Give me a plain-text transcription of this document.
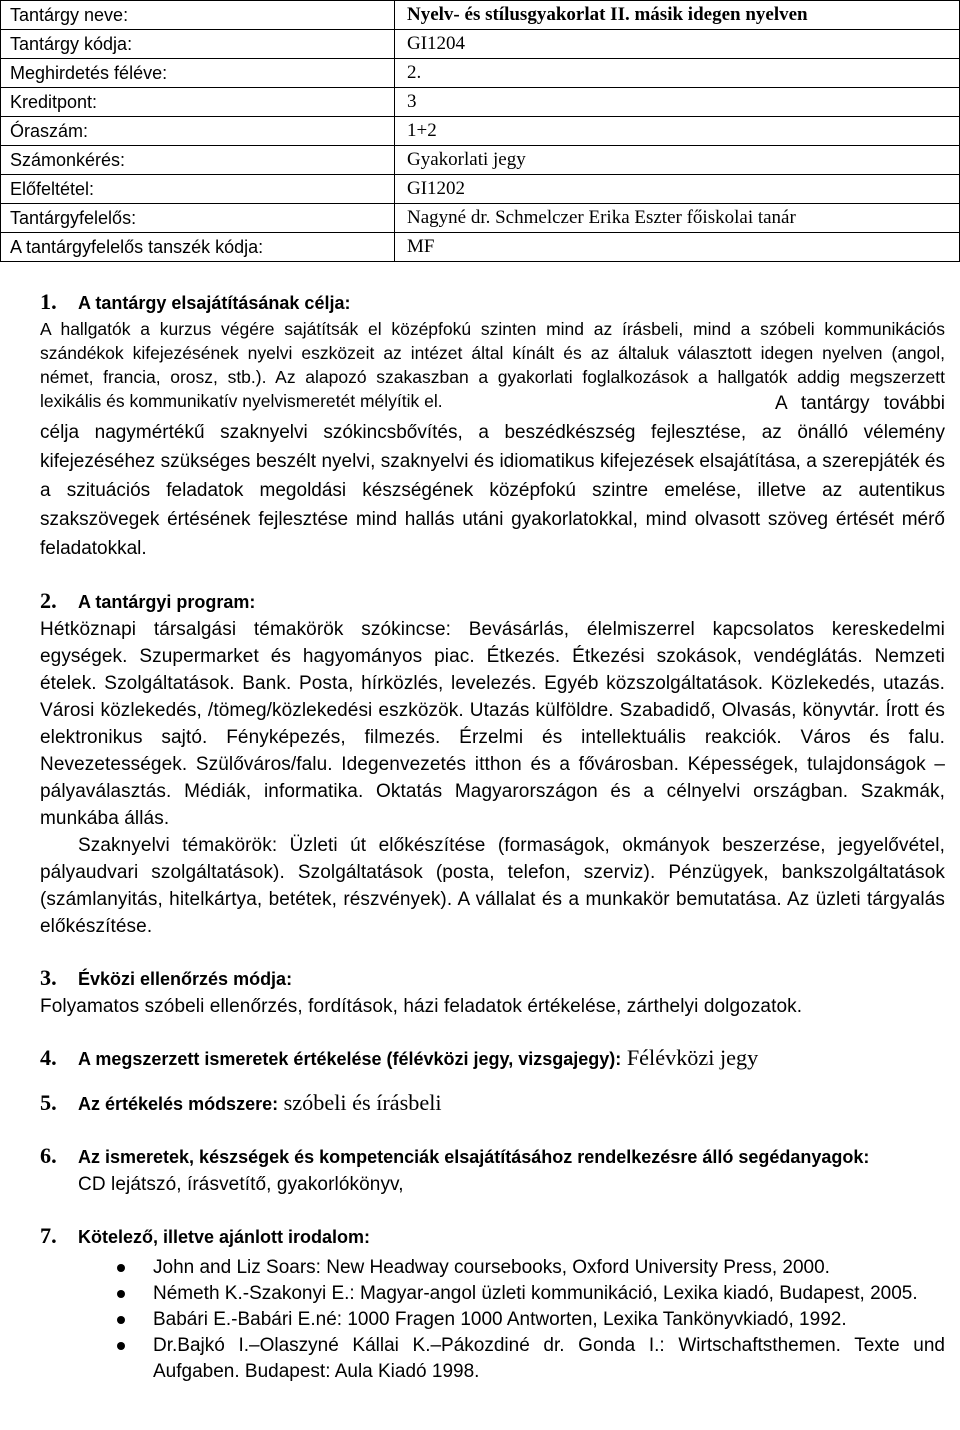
Tantárgy neve:	Nyelv- és stílusgyakorlat II. másik idegen nyelven
Tantárgy kódja:	GI1204
Meghirdetés féléve:	2.
Kreditpont:	3
Óraszám:	1+2
Számonkérés:	Gyakorlati jegy
Előfeltétel:	GI1202
Tantárgyfelelős:	Nagyné dr. Schmelczer Erika Eszter főiskolai tanár
A tantárgyfelelős tanszék kódja:	MF
1. A tantárgy elsajátításának célja:

A hallgatók a kurzus végére sajátítsák el középfokú szinten mind az írásbeli, mind a szóbeli kommunikációs szándékok kifejezésének nyelvi eszközeit az intézet által kínált és az általuk választott idegen nyelven (angol, német, francia, orosz, stb.). Az alapozó szakaszban a gyakorlati foglalkozások a hallgatók addig megszerzett lexikális és kommunikatív nyelvismeretét mélyítik el.	A tantárgy további célja nagymértékű szaknyelvi szókincsbővítés, a beszédkészség fejlesztése, az önálló vélemény kifejezéséhez szükséges beszélt nyelvi, szaknyelvi és idiomatikus kifejezések elsajátítása, a szerepjáték és a szituációs feladatok megoldási készségének középfokú szintre emelése, illetve az autentikus szakszövegek értésének fejlesztése mind hallás utáni gyakorlatokkal, mind olvasott szöveg értését mérő feladatokkal.

2. A tantárgyi program:

Hétköznapi társalgási témakörök szókincse: Bevásárlás, élelmiszerrel kapcsolatos kereskedelmi egységek. Szupermarket és hagyományos piac. Étkezés. Étkezési szokások, vendéglátás. Nemzeti ételek. Szolgáltatások. Bank. Posta, hírközlés, levelezés. Egyéb közszolgáltatások. Közlekedés, utazás. Városi közlekedés, /tömeg/közlekedési eszközök. Utazás külföldre. Szabadidő, Olvasás, könyvtár. Írott és elektronikus sajtó. Fényképezés, filmezés. Érzelmi és intellektuális reakciók. Város és falu. Nevezetességek. Szülőváros/falu. Idegenvezetés itthon és a fővárosban. Képességek, tulajdonságok – pályaválasztás. Médiák, informatika. Oktatás Magyarországon és a célnyelvi országban. Szakmák, munkába állás.

Szaknyelvi témakörök: Üzleti út előkészítése (formaságok, okmányok beszerzése, jegyelővétel, pályaudvari szolgáltatások). Szolgáltatások (posta, telefon, szerviz). Pénzügyek, bankszolgáltatások (számlanyitás, hitelkártya, betétek, részvények). A vállalat és a munkakör bemutatása. Az üzleti tárgyalás előkészítése.

3. Évközi ellenőrzés módja:

Folyamatos szóbeli ellenőrzés, fordítások, házi feladatok értékelése, zárthelyi dolgozatok.

4. A megszerzett ismeretek értékelése (félévközi jegy, vizsgajegy): Félévközi jegy
5. Az értékelés módszere: szóbeli és írásbeli
6. Az ismeretek, készségek és kompetenciák elsajátításához rendelkezésre álló segédanyagok:

CD lejátszó, írásvetítő, gyakorlókönyv,

7. Kötelező, illetve ajánlott irodalom:
John and Liz Soars: New Headway coursebooks, Oxford University Press, 2000.
Németh K.-Szakonyi E.: Magyar-angol üzleti kommunikáció, Lexika kiadó, Budapest, 2005.
Babári E.-Babári E.né: 1000 Fragen 1000 Antworten, Lexika Tankönyvkiadó, 1992.
Dr.Bajkó I.–Olaszyné Kállai K.–Pákozdiné dr. Gonda I.: Wirtschaftsthemen. Texte und Aufgaben. Budapest: Aula Kiadó 1998.
